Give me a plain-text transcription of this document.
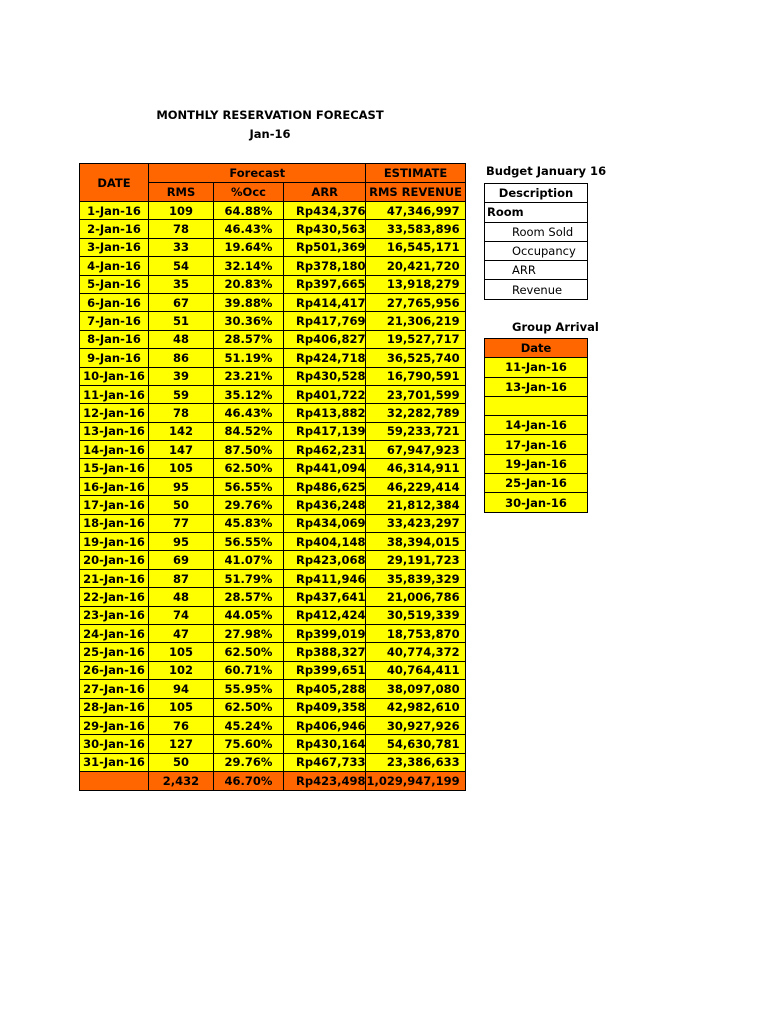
MONTHLY RESERVATION FORECAST
Jan-16
DATE	Forecast			ESTIMATE
	RMS	%Occ	ARR	RMS REVENUE
1-Jan-16	109	64.88%	Rp434,376	47,346,997
2-Jan-16	78	46.43%	Rp430,563	33,583,896
3-Jan-16	33	19.64%	Rp501,369	16,545,171
4-Jan-16	54	32.14%	Rp378,180	20,421,720
5-Jan-16	35	20.83%	Rp397,665	13,918,279
6-Jan-16	67	39.88%	Rp414,417	27,765,956
7-Jan-16	51	30.36%	Rp417,769	21,306,219
8-Jan-16	48	28.57%	Rp406,827	19,527,717
9-Jan-16	86	51.19%	Rp424,718	36,525,740
10-Jan-16	39	23.21%	Rp430,528	16,790,591
11-Jan-16	59	35.12%	Rp401,722	23,701,599
12-Jan-16	78	46.43%	Rp413,882	32,282,789
13-Jan-16	142	84.52%	Rp417,139	59,233,721
14-Jan-16	147	87.50%	Rp462,231	67,947,923
15-Jan-16	105	62.50%	Rp441,094	46,314,911
16-Jan-16	95	56.55%	Rp486,625	46,229,414
17-Jan-16	50	29.76%	Rp436,248	21,812,384
18-Jan-16	77	45.83%	Rp434,069	33,423,297
19-Jan-16	95	56.55%	Rp404,148	38,394,015
20-Jan-16	69	41.07%	Rp423,068	29,191,723
21-Jan-16	87	51.79%	Rp411,946	35,839,329
22-Jan-16	48	28.57%	Rp437,641	21,006,786
23-Jan-16	74	44.05%	Rp412,424	30,519,339
24-Jan-16	47	27.98%	Rp399,019	18,753,870
25-Jan-16	105	62.50%	Rp388,327	40,774,372
26-Jan-16	102	60.71%	Rp399,651	40,764,411
27-Jan-16	94	55.95%	Rp405,288	38,097,080
28-Jan-16	105	62.50%	Rp409,358	42,982,610
29-Jan-16	76	45.24%	Rp406,946	30,927,926
30-Jan-16	127	75.60%	Rp430,164	54,630,781
31-Jan-16	50	29.76%	Rp467,733	23,386,633
	2,432	46.70%	Rp423,498	1,029,947,199
Budget January 16
Description
Room
Room Sold
Occupancy
ARR
Revenue
Group Arrival
Date
11-Jan-16
13-Jan-16

14-Jan-16
17-Jan-16
19-Jan-16
25-Jan-16
30-Jan-16
